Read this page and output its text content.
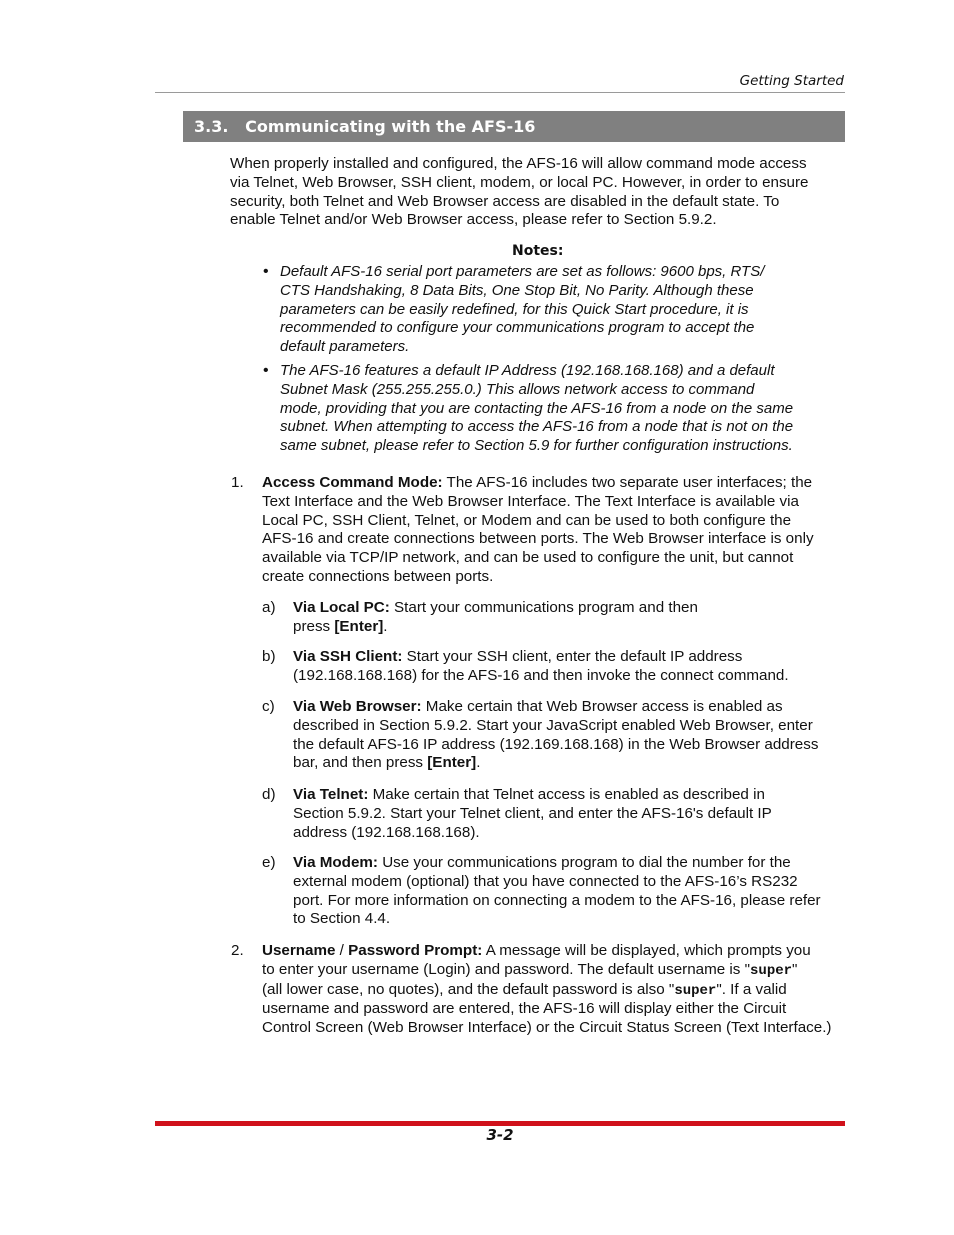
Getting Started
3.3.   Communicating with the AFS-16

When properly installed and configured, the AFS-16 will allow command mode access

via Telnet, Web Browser, SSH client, modem, or local PC. However, in order to ensure

security, both Telnet and Web Browser access are disabled in the default state. To

enable Telnet and/or Web Browser access, please refer to Section 5.9.2.

Notes:
• Default AFS-16 serial port parameters are set as follows: 9600 bps, RTS/

CTS Handshaking, 8 Data Bits, One Stop Bit, No Parity. Although these

parameters can be easily redefined, for this Quick Start procedure, it is

recommended to configure your communications program to accept the

default parameters.

• The AFS-16 features a default IP Address (192.168.168.168) and a default

Subnet Mask (255.255.255.0.) This allows network access to command

mode, providing that you are contacting the AFS-16 from a node on the same

subnet. When attempting to access the AFS-16 from a node that is not on the

same subnet, please refer to Section 5.9 for further configuration instructions.

1. Access Command Mode: The AFS-16 includes two separate user interfaces; the

Text Interface and the Web Browser Interface. The Text Interface is available via

Local PC, SSH Client, Telnet, or Modem and can be used to both configure the

AFS-16 and create connections between ports. The Web Browser interface is only

available via TCP/IP network, and can be used to configure the unit, but cannot

create connections between ports.

a) Via Local PC: Start your communications program and then

press [Enter].

b) Via SSH Client: Start your SSH client, enter the default IP address

(192.168.168.168) for the AFS-16 and then invoke the connect command.

c) Via Web Browser: Make certain that Web Browser access is enabled as

described in Section 5.9.2. Start your JavaScript enabled Web Browser, enter

the default AFS-16 IP address (192.169.168.168) in the Web Browser address

bar, and then press [Enter].

d) Via Telnet: Make certain that Telnet access is enabled as described in

Section 5.9.2. Start your Telnet client, and enter the AFS-16's default IP

address (192.168.168.168).

e) Via Modem: Use your communications program to dial the number for the

external modem (optional) that you have connected to the AFS-16’s RS232

port. For more information on connecting a modem to the AFS-16, please refer

to Section 4.4.

2. Username / Password Prompt: A message will be displayed, which prompts you

to enter your username (Login) and password. The default username is "super"

(all lower case, no quotes), and the default password is also "super". If a valid

username and password are entered, the AFS-16 will display either the Circuit

Control Screen (Web Browser Interface) or the Circuit Status Screen (Text Interface.)

3-2
